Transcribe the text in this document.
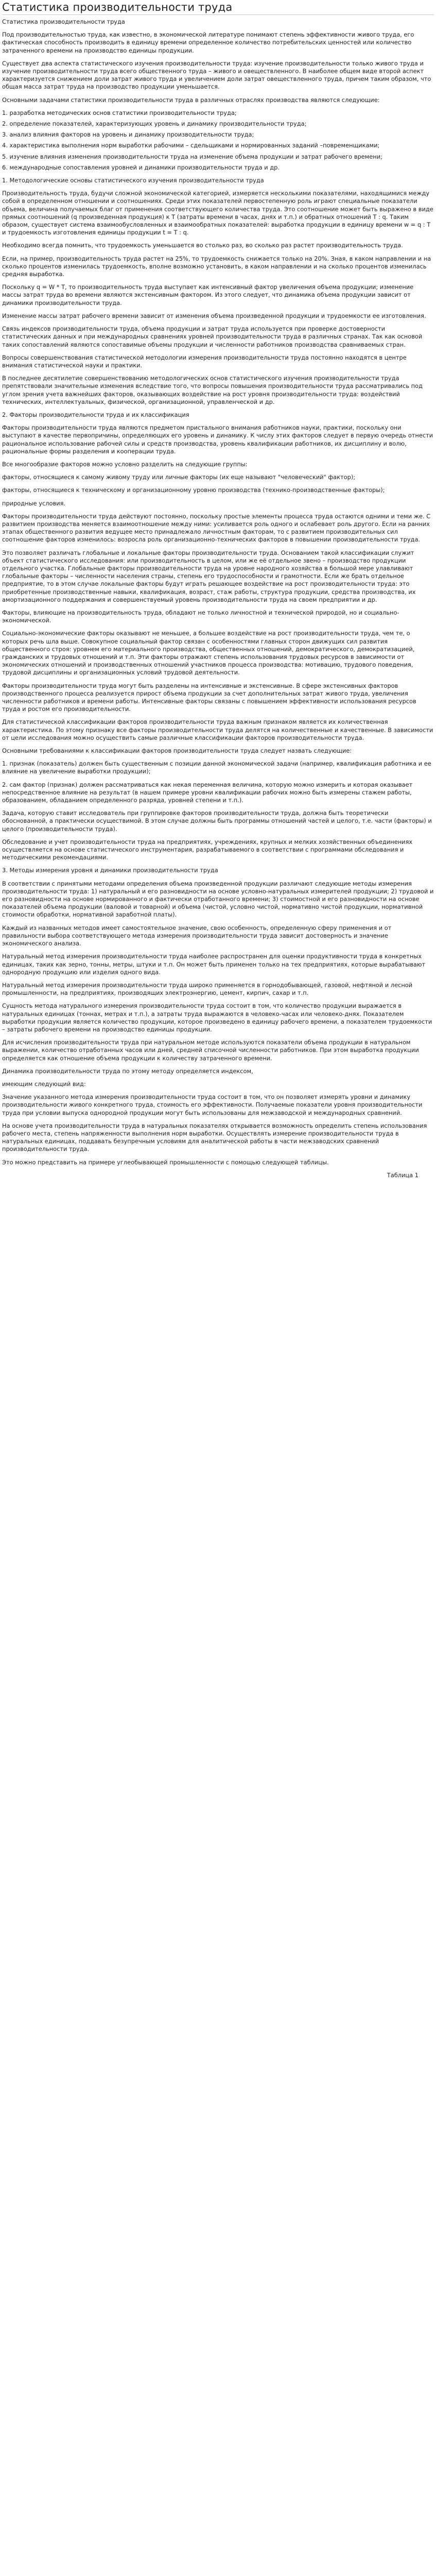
Статистика производительности труда

Статистика производительности труда

Под производительностью труда, как известно, в экономической литературе понимают степень эффективности живого труда, его фактическая способность производить в единицу времени определенное количество потребительских ценностей или количество затраченного времени на производство единицы продукции.

Существует два аспекта статистического изучения производительности труда: изучение производительности только живого труда и изучение производительности труда всего общественного труда – живого и овеществленного. В наиболее общем виде второй аспект характеризуется снижением доли затрат живого труда и увеличением доли затрат овеществленного труда, причем таким образом, что общая масса затрат труда на производство продукции уменьшается.

Основными задачами статистики производительности труда в различных отраслях производства являются следующие:

1. разработка методических основ статистики производительности труда;
2. определение показателей, характеризующих уровень и динамику производительности труда;
3. анализ влияния факторов на уровень и динамику производительности труда;
4. характеристика выполнения норм выработки рабочими – сдельщиками и нормированных заданий –повременщиками;
5. изучение влияния изменения производительности труда на изменение объема продукции и затрат рабочего времени;
6. международные сопоставления уровней и динамики производительности труда и др.

1. Методологические основы статистического изучения производительности труда

Производительность труда, будучи сложной экономической категорией, измеряется несколькими показателями, находящимися между собой в определенном отношении и соотношениях. Среди этих показателей первостепенную роль играют специальные показатели объема, величина получаемых благ от применения соответствующего количества труда. Это соотношение может быть выражено в виде прямых соотношений (q произведенная продукция) к T (затраты времени в часах, днях и т.п.) и обратных отношений T : q. Таким образом, существует система взаимообусловленных и взаимообратных показателей: выработка продукции в единицу времени w = q : T и трудоемкость изготовления единицы продукции t = T : q.

Необходимо всегда помнить, что трудоемкость уменьшается во столько раз, во сколько раз растет производительность труда.

Если, на пример, производительность труда растет на 25%, то трудоемкость снижается только на 20%. Зная, в каком направлении и на сколько процентов изменилась трудоемкость, вполне возможно установить, в каком направлении и на сколько процентов изменилась средняя выработка.

Поскольку q = W * T, то производительность труда выступает как интенсивный фактор увеличения объема продукции; изменение массы затрат труда во времени являются экстенсивным фактором. Из этого следует, что динамика объема продукции зависит от динамики производительности труда.

Изменение массы затрат рабочего времени зависит от изменения объема произведенной продукции и трудоемкости ее изготовления.

Связь индексов производительности труда, объема продукции и затрат труда используется при проверке достоверности статистических данных и при международных сравнениях уровней производительности труда в различных странах. Так как основой таких сопоставлений являются сопоставимые объемы продукции и численности работников производства сравниваемых стран.

Вопросы совершенствования статистической методологии измерения производительности труда постоянно находятся в центре внимания статистической науки и практики.

В последнее десятилетие совершенствованию методологических основ статистического изучения производительности труда препятствовали значительные изменения вследствие того, что вопросы повышения производительности труда рассматривались под углом зрения учета важнейших факторов, оказывающих воздействие на рост уровня производительности труда: воздействий технических, интеллектуальных, физической, организационной, управленческой и др.

2. Факторы производительности труда и их классификация

Факторы производительности труда являются предметом пристального внимания работников науки, практики, поскольку они выступают в качестве первопричины, определяющих его уровень и динамику. К числу этих факторов следует в первую очередь отнести рациональное использование рабочей силы и средств производства, уровень квалификации работников, их дисциплину и волю, рациональные формы разделения и кооперации труда.

Все многообразие факторов можно условно разделить на следующие группы:

факторы, относящиеся к самому живому труду или личные факторы (их еще называют "человеческий" фактор);

факторы, относящиеся к техническому и организационному уровню производства (технико-производственные факторы);

природные условия.

Факторы производительности труда действуют постоянно, поскольку простые элементы процесса труда остаются одними и теми же. С развитием производства меняется взаимоотношение между ними: усиливается роль одного и ослабевает роль другого. Если на ранних этапах общественного развития ведущее место принадлежало личностным факторам, то с развитием производительных сил соотношение факторов изменилось: возросла роль организационно-технических факторов в повышении производительности труда.

Это позволяет различать глобальные и локальные факторы производительности труда. Основанием такой классификации служит объект статистического исследования: или производительность в целом, или же её отдельное звено – производство продукции отдельного участка. Глобальные факторы производительности труда на уровне народного хозяйства в большой мере улавливают глобальные факторы – численности населения страны, степень его трудоспособности и грамотности. Если же брать отдельное предприятие, то в этом случае локальные факторы будут играть решающее воздействие на рост производительности труда: это приобретенные производственные навыки, квалификация, возраст, стаж работы, структура продукции, средства производства, их амортизационного поддержания и совершенствуемый уровень производительности труда на своем предприятии и др.

Факторы, влияющие на производительность труда, обладают не только личностной и технической природой, но и социально-экономической.

Социально-экономические факторы оказывают не меньшее, а большее воздействие на рост производительности труда, чем те, о которых речь шла выше. Совокупное социальный фактор связан с особенностями главных сторон движущих сил развития общественного строя: уровнем его материального производства, общественных отношений, демократического, демократизацией, гражданских и трудовых отношений и т.п. Эти факторы отражают степень использования трудовых ресурсов в зависимости от экономических отношений и производственных отношений участников процесса производства: мотивацию, трудового поведения, трудовой дисциплины и организационных условий трудовой деятельности.

Факторы производительности труда могут быть разделены на интенсивные и экстенсивные. В сфере экстенсивных факторов производственного процесса реализуется прирост объема продукции за счет дополнительных затрат живого труда, увеличения численности работников и времени работы. Интенсивные факторы связаны с повышением эффективности использования ресурсов труда и ростом его производительности.

Для статистической классификации факторов производительности труда важным признаком является их количественная характеристика. По этому признаку все факторы производительности труда делятся на количественные и качественные. В зависимости от цели исследования можно осуществить самые различные классификации факторов производительности труда.

Основными требованиями к классификации факторов производительности труда следует назвать следующие:

1. признак (показатель) должен быть существенным с позиции данной экономической задачи (например, квалификация работника и ее влияние на увеличение выработки продукции);

2. сам фактор (признак) должен рассматриваться как некая переменная величина, которую можно измерить и которая оказывает непосредственное влияние на результат (в нашем примере уровни квалификации рабочих можно быть измерены стажем работы, образованием, обладанием определенного разряда, уровней степени и т.п.).

Задача, которую ставит исследователь при группировке факторов производительности труда, должна быть теоретически обоснованной, а практически осуществимой. В этом случае должны быть программы отношений частей и целого, т.е. части (факторы) и целого (производительности труда).

Обследование и учет производительности труда на предприятиях, учреждениях, крупных и мелких хозяйственных объединениях осуществляется на основе статистического инструментария, разрабатываемого в соответствии с программами обследования и методическими рекомендациями.

3. Методы измерения уровня и динамики производительности труда

В соответствии с принятыми методами определения объема произведенной продукции различают следующие методы измерения производительности труда: 1) натуральный и его разновидности на основе условно-натуральных измерителей продукции; 2) трудовой и его разновидности на основе нормированного и фактически отработанного времени; 3) стоимостной и его разновидности на основе показателей объема продукции (валовой и товарной) и объема (чистой, условно чистой, нормативно чистой продукции, нормативной стоимости обработки, нормативной заработной платы).

Каждый из названных методов имеет самостоятельное значение, свою особенность, определенную сферу применения и от правильности выбора соответствующего метода измерения производительности труда зависит достоверность и значение экономического анализа.

Натуральный метод измерения производительности труда наиболее распространен для оценки продуктивности труда в конкретных единицах, таких как зерно, тонны, метры, штуки и т.п. Он может быть применен только на тех предприятиях, которые вырабатывают однородную продукцию или изделия одного вида.

Натуральный метод измерения производительности труда широко применяется в горнодобывающей, газовой, нефтяной и лесной промышленности, на предприятиях, производящих электроэнергию, цемент, кирпич, сахар и т.п.

Сущность метода натурального измерения производительности труда состоит в том, что количество продукции выражается в натуральных единицах (тоннах, метрах и т.п.), а затраты труда выражаются в человеко-часах или человеко-днях. Показателем выработки продукции является количество продукции, которое произведено в единицу рабочего времени, а показателем трудоемкости – затраты рабочего времени на производство единицы продукции.

Для исчисления производительности труда при натуральном методе используются показатели объема продукции в натуральном выражении, количество отработанных часов или дней, средней списочной численности работников. При этом выработка продукции определяется как отношение объема продукции к количеству затраченного времени.

Динамика производительности труда по этому методу определяется индексом,

имеющим следующий вид:

Значение указанного метода измерения производительности труда состоит в том, что он позволяет измерять уровни и динамику производительности живого конкретного труда, стоимость его эффективности. Получаемые показатели уровня производительности труда при условии выпуска однородной продукции могут быть использованы для межзаводской и международных сравнений.

На основе учета производительности труда в натуральных показателях открывается возможность определить степень использования рабочего места, степень напряженности выполнения норм выработки. Осуществлять измерение производительности труда в натуральных единицах, поддавать безупречным условиям для аналитической работы в части межзаводских сравнений производительности труда.

Это можно представить на примере углеобывающей промышленности с помощью следующей таблицы.

Таблица 1
